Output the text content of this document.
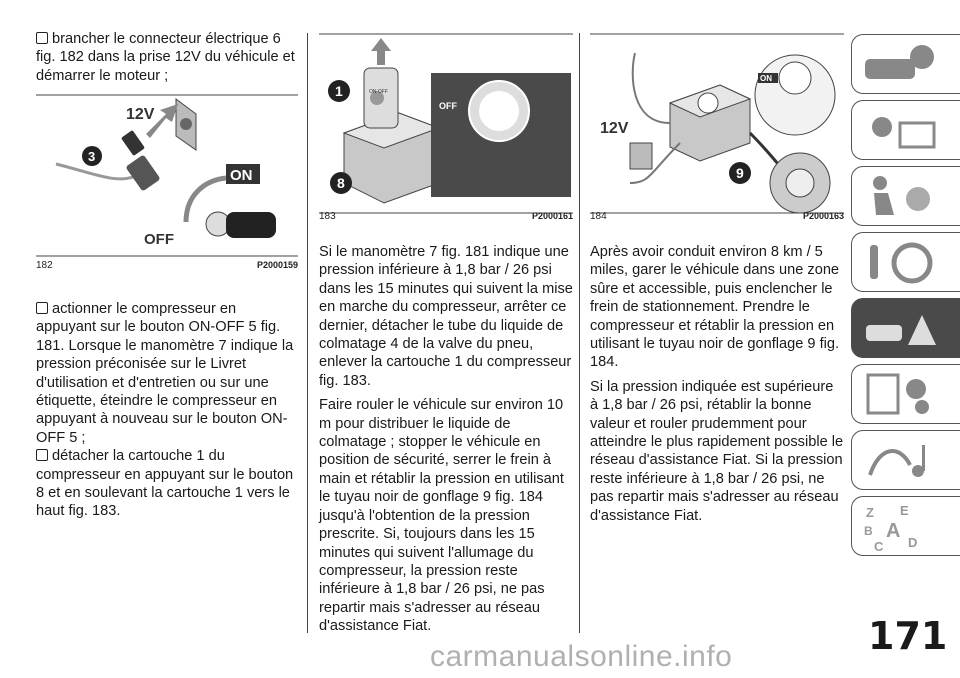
brancher le connecteur électrique 6 fig. 182 dans la prise 12V du véhicule et démarrer le moteur ;

12V
3
ON
OFF
182	P2000159

actionner le compresseur en appuyant sur le bouton ON-OFF 5 fig. 181. Lorsque le manomètre 7 indique la pression préconisée sur le Livret d'utilisation et d'entretien ou sur une étiquette, éteindre le compresseur en appuyant à nouveau sur le bouton ON-OFF 5 ;

détacher la cartouche 1 du compresseur en appuyant sur le bouton 8 et en soulevant la cartouche 1 vers le haut fig. 183.

1
8
OFF
ON OFF
183	P2000161

Si le manomètre 7 fig. 181 indique une pression inférieure à 1,8 bar / 26 psi dans les 15 minutes qui suivent la mise en marche du compresseur, arrêter ce dernier, détacher le tube du liquide de colmatage 4 de la valve du pneu, enlever la cartouche 1 du compresseur fig. 183.

Faire rouler le véhicule sur environ 10 m pour distribuer le liquide de colmatage ; stopper le véhicule en position de sécurité, serrer le frein à main et rétablir la pression en utilisant le tuyau noir de gonflage 9 fig. 184 jusqu'à l'obtention de la pression prescrite. Si, toujours dans les 15 minutes qui suivent l'allumage du compresseur, la pression reste inférieure à 1,8 bar / 26 psi, ne pas repartir mais s'adresser au réseau d'assistance Fiat.

ON
12V
9
184	P2000163

Après avoir conduit environ 8 km / 5 miles, garer le véhicule dans une zone sûre et accessible, puis enclencher le frein de stationnement. Prendre le compresseur et rétablir la pression en utilisant le tuyau noir de gonflage 9 fig. 184.

Si la pression indiquée est supérieure à 1,8 bar / 26 psi, rétablir la bonne valeur et rouler prudemment pour atteindre le plus rapidement possible le réseau d'assistance Fiat. Si la pression reste inférieure à 1,8 bar / 26 psi, ne pas repartir mais s'adresser au réseau d'assistance Fiat.	Z E
B A
C D
171
carmanualsonline.info
